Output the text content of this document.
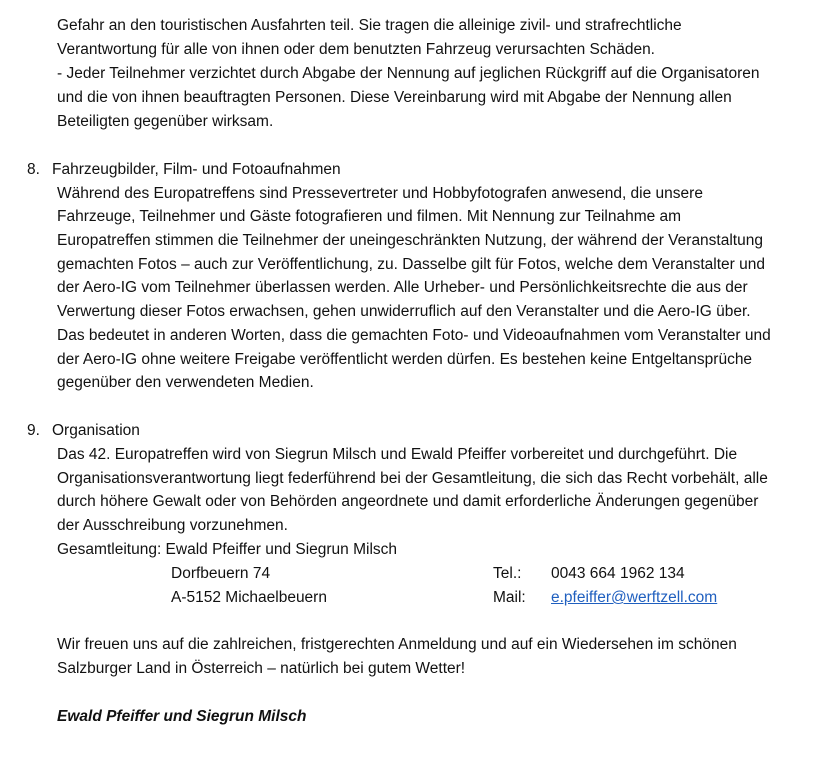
Gefahr an den touristischen Ausfahrten teil. Sie tragen die alleinige zivil- und strafrechtliche
Verantwortung für alle von ihnen oder dem benutzten Fahrzeug verursachten Schäden.
- Jeder Teilnehmer verzichtet durch Abgabe der Nennung auf jeglichen Rückgriff auf die Organisatoren
und die von ihnen beauftragten Personen. Diese Vereinbarung wird mit Abgabe der Nennung allen
Beteiligten gegenüber wirksam.
8. Fahrzeugbilder, Film- und Fotoaufnahmen
Während des Europatreffens sind Pressevertreter und Hobbyfotografen anwesend, die unsere
Fahrzeuge, Teilnehmer und Gäste fotografieren und filmen. Mit Nennung zur Teilnahme am
Europatreffen stimmen die Teilnehmer der uneingeschränkten Nutzung, der während der Veranstaltung
gemachten Fotos – auch zur Veröffentlichung, zu. Dasselbe gilt für Fotos, welche dem Veranstalter und
der Aero-IG vom Teilnehmer überlassen werden. Alle Urheber- und Persönlichkeitsrechte die aus der
Verwertung dieser Fotos erwachsen, gehen unwiderruflich auf den Veranstalter und die Aero-IG über.
Das bedeutet in anderen Worten, dass die gemachten Foto- und Videoaufnahmen vom Veranstalter und
der Aero-IG ohne weitere Freigabe veröffentlicht werden dürfen. Es bestehen keine Entgeltansprüche
gegenüber den verwendeten Medien.
9. Organisation
Das 42. Europatreffen wird von Siegrun Milsch und Ewald Pfeiffer vorbereitet und durchgeführt. Die
Organisationsverantwortung liegt federführend bei der Gesamtleitung, die sich das Recht vorbehält, alle
durch höhere Gewalt oder von Behörden angeordnete und damit erforderliche Änderungen gegenüber
der Ausschreibung vorzunehmen.
Gesamtleitung: Ewald Pfeiffer und Siegrun Milsch
Dorfbeuern 74	Tel.: 0043 664 1962 134
A-5152 Michaelbeuern	Mail: e.pfeiffer@werftzell.com
Wir freuen uns auf die zahlreichen, fristgerechten Anmeldung und auf ein Wiedersehen im schönen
Salzburger Land in Österreich – natürlich bei gutem Wetter!
Ewald Pfeiffer und Siegrun Milsch
